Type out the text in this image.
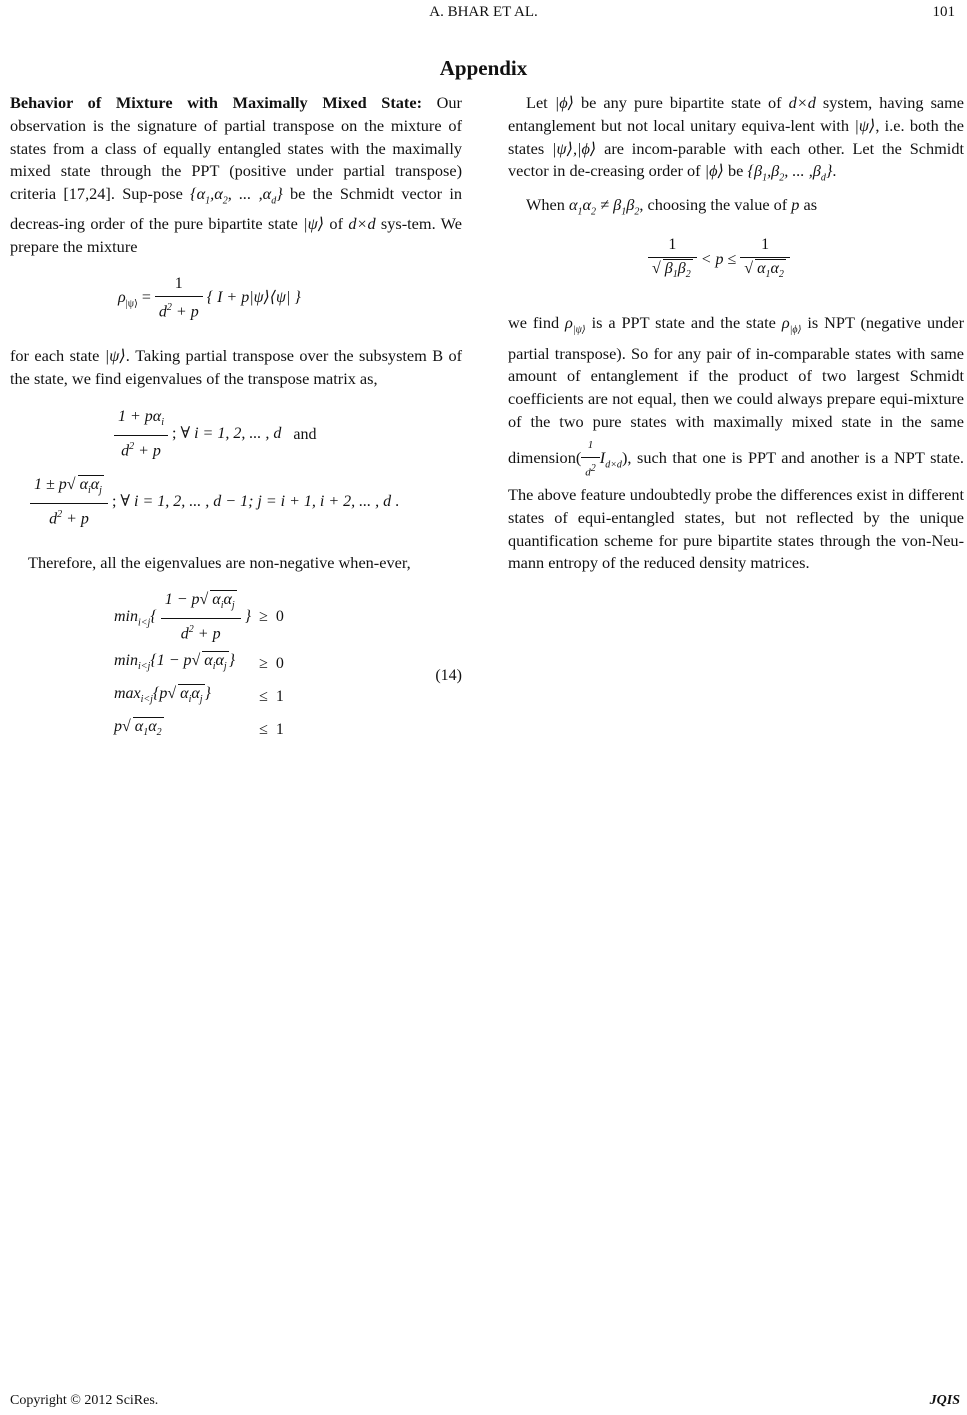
A. BHAR ET AL.	101
Appendix

Behavior of Mixture with Maximally Mixed State: Our observation is the signature of partial transpose on the mixture of states from a class of equally entangled states with the maximally mixed state through the PPT (positive under partial transpose) criteria [17,24]. Sup-pose {$\alpha_1,\alpha_2$, ... $,\alpha_d$} be the Schmidt vector in decreas-ing order of the pure bipartite state |ψ⟩ of d×d sys-tem. We prepare the mixture

$\rho_{|\psi⟩} = \frac{1}{d^2 + p}$ { I + p|ψ⟩⟨ψ| }

for each state |ψ⟩. Taking partial transpose over the subsystem B of the state, we find eigenvalues of the transpose matrix as,

$\frac{1 + p\alpha_i}{d^2 + p}$ ; ∀ i = 1, 2, ... , d and
$\frac{1 \pm p √ \alpha_i\alpha_j}{d^2 + p}$ ; ∀ i = 1, 2, ... , d − 1; j = i + 1, i + 2, ... , d .

Therefore, all the eigenvalues are non-negative when-ever,

$\min_{i<j}\{ \frac{1 - p √ \alpha_i\alpha_j}{d^2 + p}$ }	≥	0
$\min_{i<j}\{1 - p$ √ $\alpha_i\alpha_j$ }	≥	0
$\max_{i<j}\{p$ √ $\alpha_i\alpha_j$ }	≤	1
p √ $\alpha_1\alpha_2$	≤	1
(14)

Let |ϕ⟩ be any pure bipartite state of d×d system, having same entanglement but not local unitary equiva-lent with |ψ⟩, i.e. both the states |ψ⟩,|ϕ⟩ are incom-parable with each other. Let the Schmidt vector in de-creasing order of |ϕ⟩ be {$\beta_1,\beta_2$, ... $,\beta_d$}.

When $\alpha_1\alpha_2 \ne \beta_1\beta_2$, choosing the value of p as

1
√ $\beta_1\beta_2 < p \le 1$
√ $\alpha_1\alpha_2$

we find $\rho_{|\psi⟩}$ is a PPT state and the state $\rho_{|\phi⟩}$ is NPT (negative under partial transpose). So for any pair of in-comparable states with same amount of entanglement if the product of two largest Schmidt coefficients are not equal, then we could always prepare equi-mixture of the two pure states with maximally mixed state in the same dimension( $\frac{1}{d^2} I_{d\times d}$), such that one is PPT and another is a NPT state. The above feature undoubtedly probe the differences exist in different states of equi-entangled states, but not reflected by the unique quantification scheme for pure bipartite states through the von-Neu-mann entropy of the reduced density matrices.

Copyright © 2012 SciRes.	JQIS
